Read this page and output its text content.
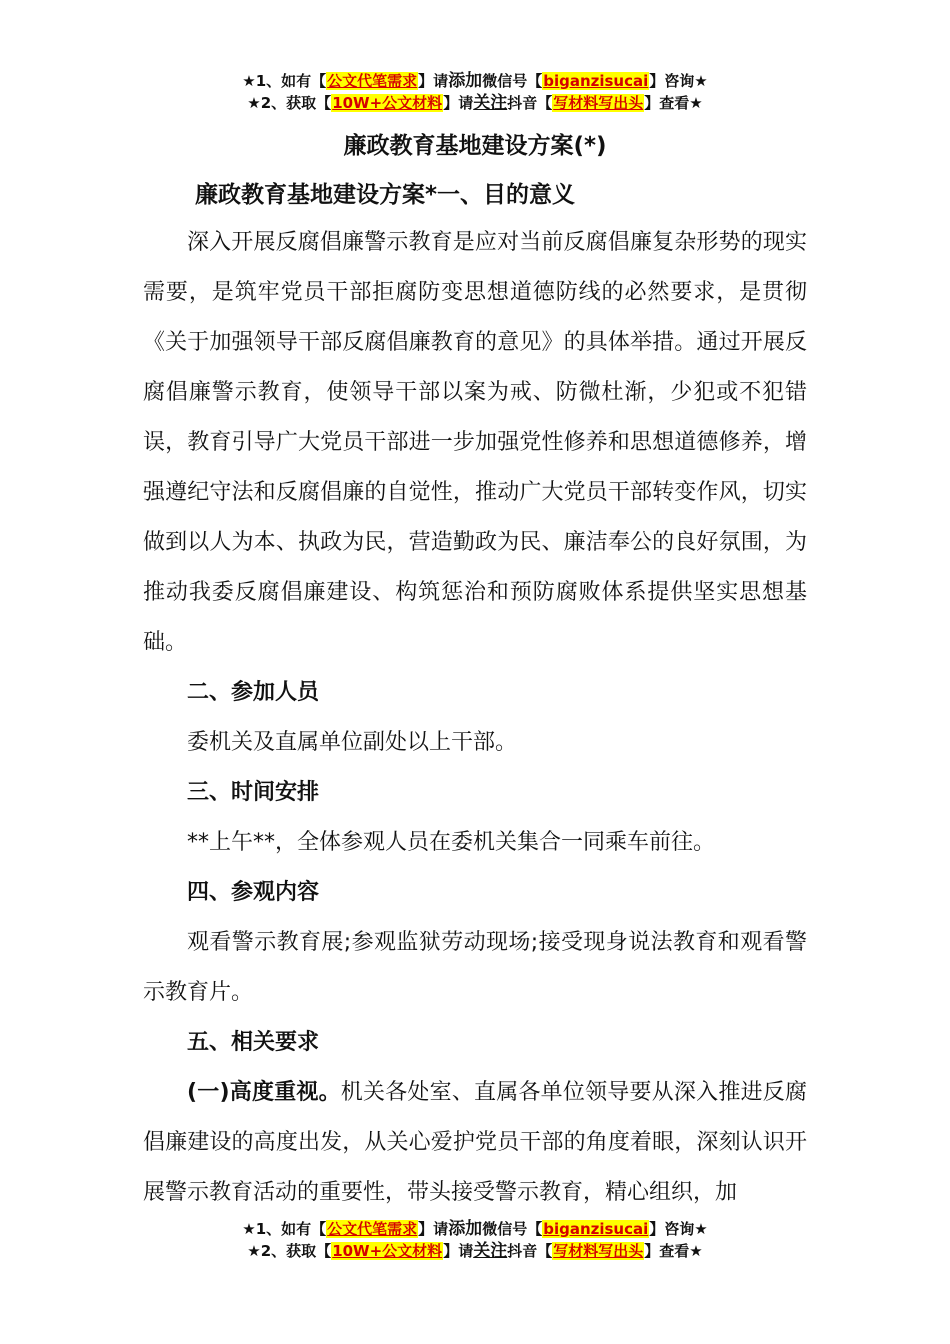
★1、如有【公文代笔需求】请添加微信号【biganzisucai】咨询★
★2、获取【10W+公文材料】请关注抖音【写材料写出头】查看★
廉政教育基地建设方案(*)

廉政教育基地建设方案*一、目的意义

深入开展反腐倡廉警示教育是应对当前反腐倡廉复杂形势的现实需要，是筑牢党员干部拒腐防变思想道德防线的必然要求，是贯彻《关于加强领导干部反腐倡廉教育的意见》的具体举措。通过开展反腐倡廉警示教育，使领导干部以案为戒、防微杜渐，少犯或不犯错误，教育引导广大党员干部进一步加强党性修养和思想道德修养，增强遵纪守法和反腐倡廉的自觉性，推动广大党员干部转变作风，切实做到以人为本、执政为民，营造勤政为民、廉洁奉公的良好氛围，为推动我委反腐倡廉建设、构筑惩治和预防腐败体系提供坚实思想基础。

二、参加人员

委机关及直属单位副处以上干部。

三、时间安排

**上午**，全体参观人员在委机关集合一同乘车前往。

四、参观内容

观看警示教育展;参观监狱劳动现场;接受现身说法教育和观看警示教育片。

五、相关要求

(一)高度重视。机关各处室、直属各单位领导要从深入推进反腐倡廉建设的高度出发，从关心爱护党员干部的角度着眼，深刻认识开展警示教育活动的重要性，带头接受警示教育，精心组织，加

★1、如有【公文代笔需求】请添加微信号【biganzisucai】咨询★
★2、获取【10W+公文材料】请关注抖音【写材料写出头】查看★
